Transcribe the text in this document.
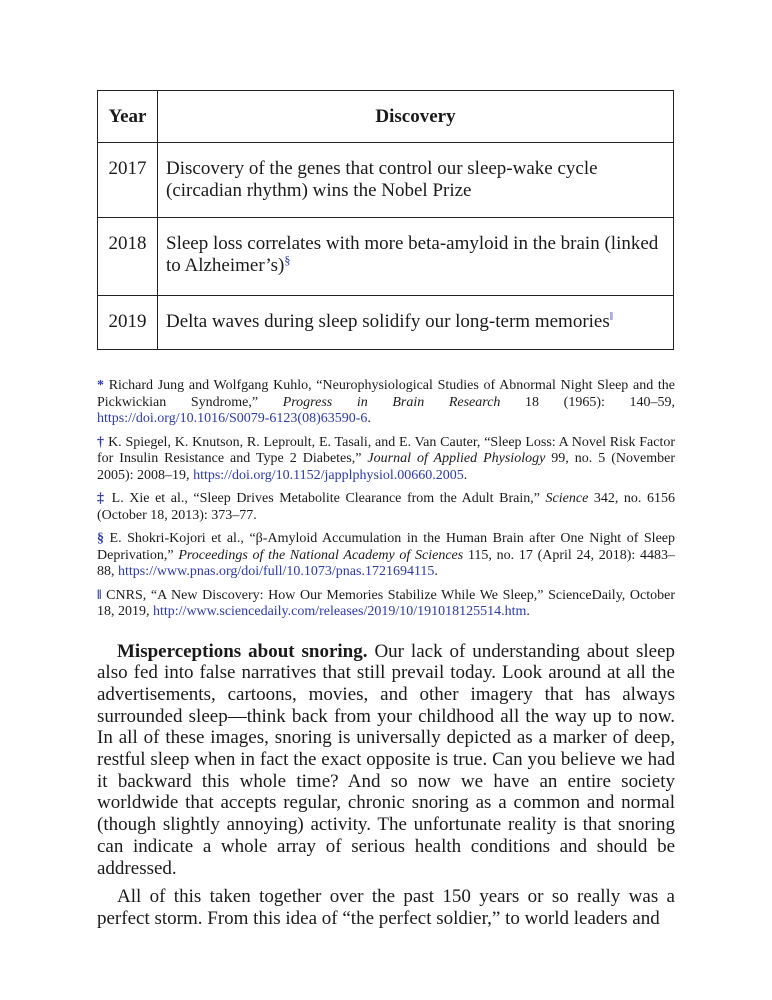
Year	Discovery
2017	Discovery of the genes that control our sleep-wake cycle (circadian rhythm) wins the Nobel Prize
2018	Sleep loss correlates with more beta-amyloid in the brain (linked to Alzheimer’s)§
2019	Delta waves during sleep solidify our long-term memories‖
* Richard Jung and Wolfgang Kuhlo, “Neurophysiological Studies of Abnormal Night Sleep and the Pickwickian Syndrome,” Progress in Brain Research 18 (1965): 140–59, https://doi.org/10.1016/S0079-6123(08)63590-6.
† K. Spiegel, K. Knutson, R. Leproult, E. Tasali, and E. Van Cauter, “Sleep Loss: A Novel Risk Factor for Insulin Resistance and Type 2 Diabetes,” Journal of Applied Physiology 99, no. 5 (November 2005): 2008–19, https://doi.org/10.1152/japplphysiol.00660.2005.
‡ L. Xie et al., “Sleep Drives Metabolite Clearance from the Adult Brain,” Science 342, no. 6156 (October 18, 2013): 373–77.
§ E. Shokri-Kojori et al., “β-Amyloid Accumulation in the Human Brain after One Night of Sleep Deprivation,” Proceedings of the National Academy of Sciences 115, no. 17 (April 24, 2018): 4483–88, https://www.pnas.org/doi/full/10.1073/pnas.1721694115.
‖ CNRS, “A New Discovery: How Our Memories Stabilize While We Sleep,” ScienceDaily, October 18, 2019, http://www.sciencedaily.com/releases/2019/10/191018125514.htm.

Misperceptions about snoring. Our lack of understanding about sleep also fed into false narratives that still prevail today. Look around at all the advertisements, cartoons, movies, and other imagery that has always surrounded sleep—think back from your childhood all the way up to now. In all of these images, snoring is universally depicted as a marker of deep, restful sleep when in fact the exact opposite is true. Can you believe we had it backward this whole time? And so now we have an entire society worldwide that accepts regular, chronic snoring as a common and normal (though slightly annoying) activity. The unfortunate reality is that snoring can indicate a whole array of serious health conditions and should be addressed.

All of this taken together over the past 150 years or so really was a perfect storm. From this idea of “the perfect soldier,” to world leaders and
